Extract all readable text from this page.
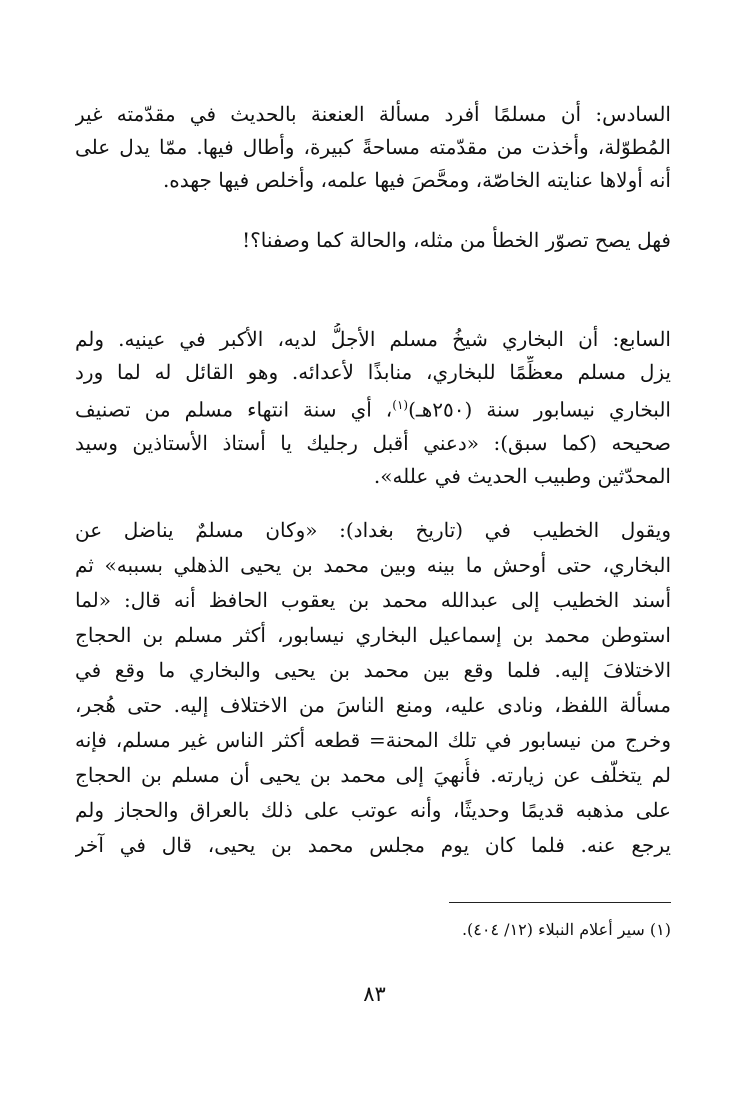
السادس: أن مسلمًا أفرد مسألة العنعنة بالحديث في مقدّمته غير
المُطوّلة، وأخذت من مقدّمته مساحةً كبيرة، وأطال فيها. ممّا يدل على
أنه أولاها عنايته الخاصّة، ومحَّصَ فيها علمه، وأخلص فيها جهده.
فهل يصح تصوّر الخطأ من مثله، والحالة كما وصفنا؟!
السابع: أن البخاري شيخُ مسلم الأجلُّ لديه، الأكبر في عينيه. ولم
يزل مسلم معظِّمًا للبخاري، منابذًا لأعدائه. وهو القائل له لما ورد
البخاري نيسابور سنة (٢٥٠هـ)$^{(١)}$، أي سنة انتهاء مسلم من تصنيف
صحيحه (كما سبق): «دعني أقبل رجليك يا أستاذ الأستاذين وسيد
المحدّثين وطبيب الحديث في علله».
ويقول الخطيب في (تاريخ بغداد): «وكان مسلمٌ يناضل عن
البخاري، حتى أوحش ما بينه وبين محمد بن يحيى الذهلي بسببه» ثم
أسند الخطيب إلى عبدالله محمد بن يعقوب الحافظ أنه قال: «لما
استوطن محمد بن إسماعيل البخاري نيسابور، أكثر مسلم بن الحجاج
الاختلافَ إليه. فلما وقع بين محمد بن يحيى والبخاري ما وقع في
مسألة اللفظ، ونادى عليه، ومنع الناسَ من الاختلاف إليه. حتى هُجر،
وخرج من نيسابور في تلك المحنة= قطعه أكثر الناس غير مسلم، فإنه
لم يتخلّف عن زيارته. فأُنهيَ إلى محمد بن يحيى أن مسلم بن الحجاج
على مذهبه قديمًا وحديثًا، وأنه عوتب على ذلك بالعراق والحجاز ولم
يرجع عنه. فلما كان يوم مجلس محمد بن يحيى، قال في آخر
(١) سير أعلام النبلاء (١٢/ ٤٠٤).
٨٣
